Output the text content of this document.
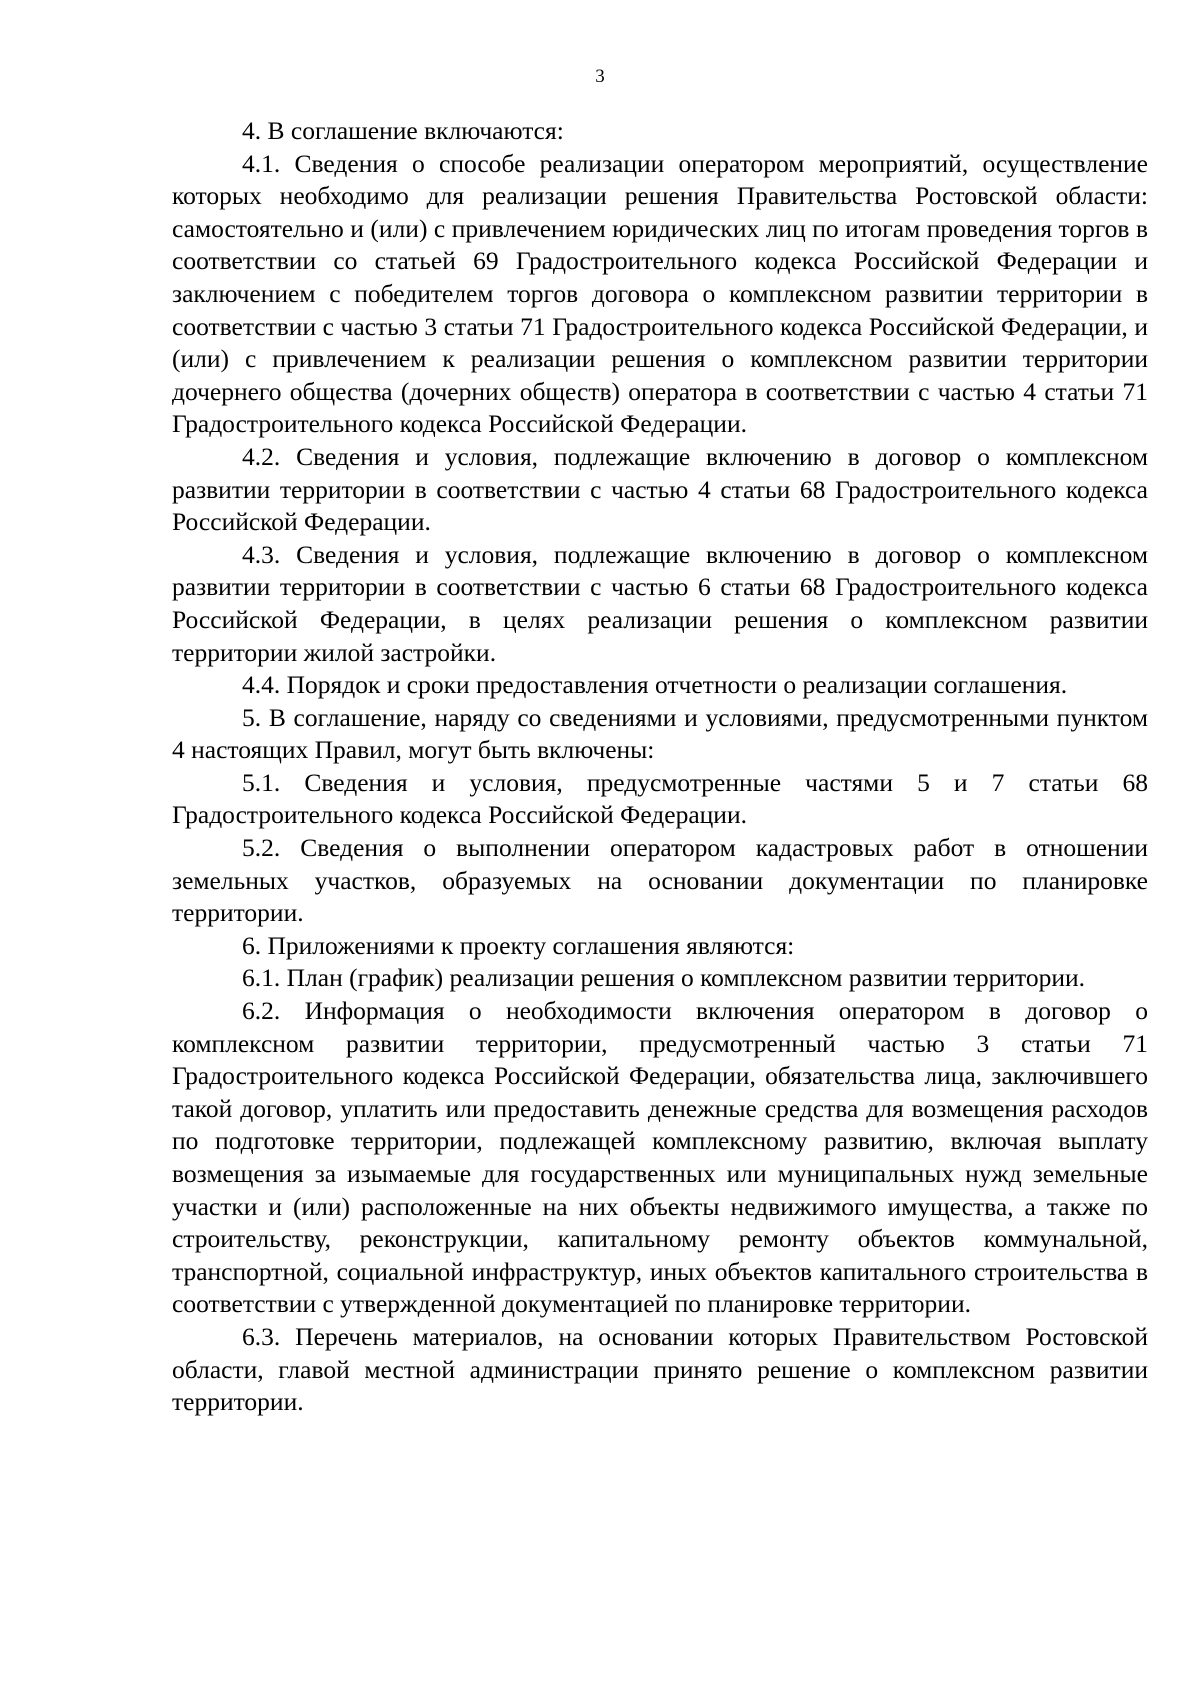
3

4. В соглашение включаются:

4.1. Сведения о способе реализации оператором мероприятий, осуществление которых необходимо для реализации решения Правительства Ростовской области: самостоятельно и (или) с привлечением юридических лиц по итогам проведения торгов в соответствии со статьей 69 Градостроительного кодекса Российской Федерации и заключением с победителем торгов договора о комплексном развитии территории в соответствии с частью 3 статьи 71 Градостроительного кодекса Российской Федерации, и (или) с привлечением к реализации решения о комплексном развитии территории дочернего общества (дочерних обществ) оператора в соответствии с частью 4 статьи 71 Градостроительного кодекса Российской Федерации.

4.2. Сведения и условия, подлежащие включению в договор о комплексном развитии территории в соответствии с частью 4 статьи 68 Градостроительного кодекса Российской Федерации.

4.3. Сведения и условия, подлежащие включению в договор о комплексном развитии территории в соответствии с частью 6 статьи 68 Градостроительного кодекса Российской Федерации, в целях реализации решения о комплексном развитии территории жилой застройки.

4.4. Порядок и сроки предоставления отчетности о реализации соглашения.

5. В соглашение, наряду со сведениями и условиями, предусмотренными пунктом 4 настоящих Правил, могут быть включены:

5.1. Сведения и условия, предусмотренные частями 5 и 7 статьи 68 Градостроительного кодекса Российской Федерации.

5.2. Сведения о выполнении оператором кадастровых работ в отношении земельных участков, образуемых на основании документации по планировке территории.

6. Приложениями к проекту соглашения являются:

6.1. План (график) реализации решения о комплексном развитии территории.

6.2. Информация о необходимости включения оператором в договор о комплексном развитии территории, предусмотренный частью 3 статьи 71 Градостроительного кодекса Российской Федерации, обязательства лица, заключившего такой договор, уплатить или предоставить денежные средства для возмещения расходов по подготовке территории, подлежащей комплексному развитию, включая выплату возмещения за изымаемые для государственных или муниципальных нужд земельные участки и (или) расположенные на них объекты недвижимого имущества, а также по строительству, реконструкции, капитальному ремонту объектов коммунальной, транспортной, социальной инфраструктур, иных объектов капитального строительства в соответствии с утвержденной документацией по планировке территории.

6.3. Перечень материалов, на основании которых Правительством Ростовской области, главой местной администрации принято решение о комплексном развитии территории.
